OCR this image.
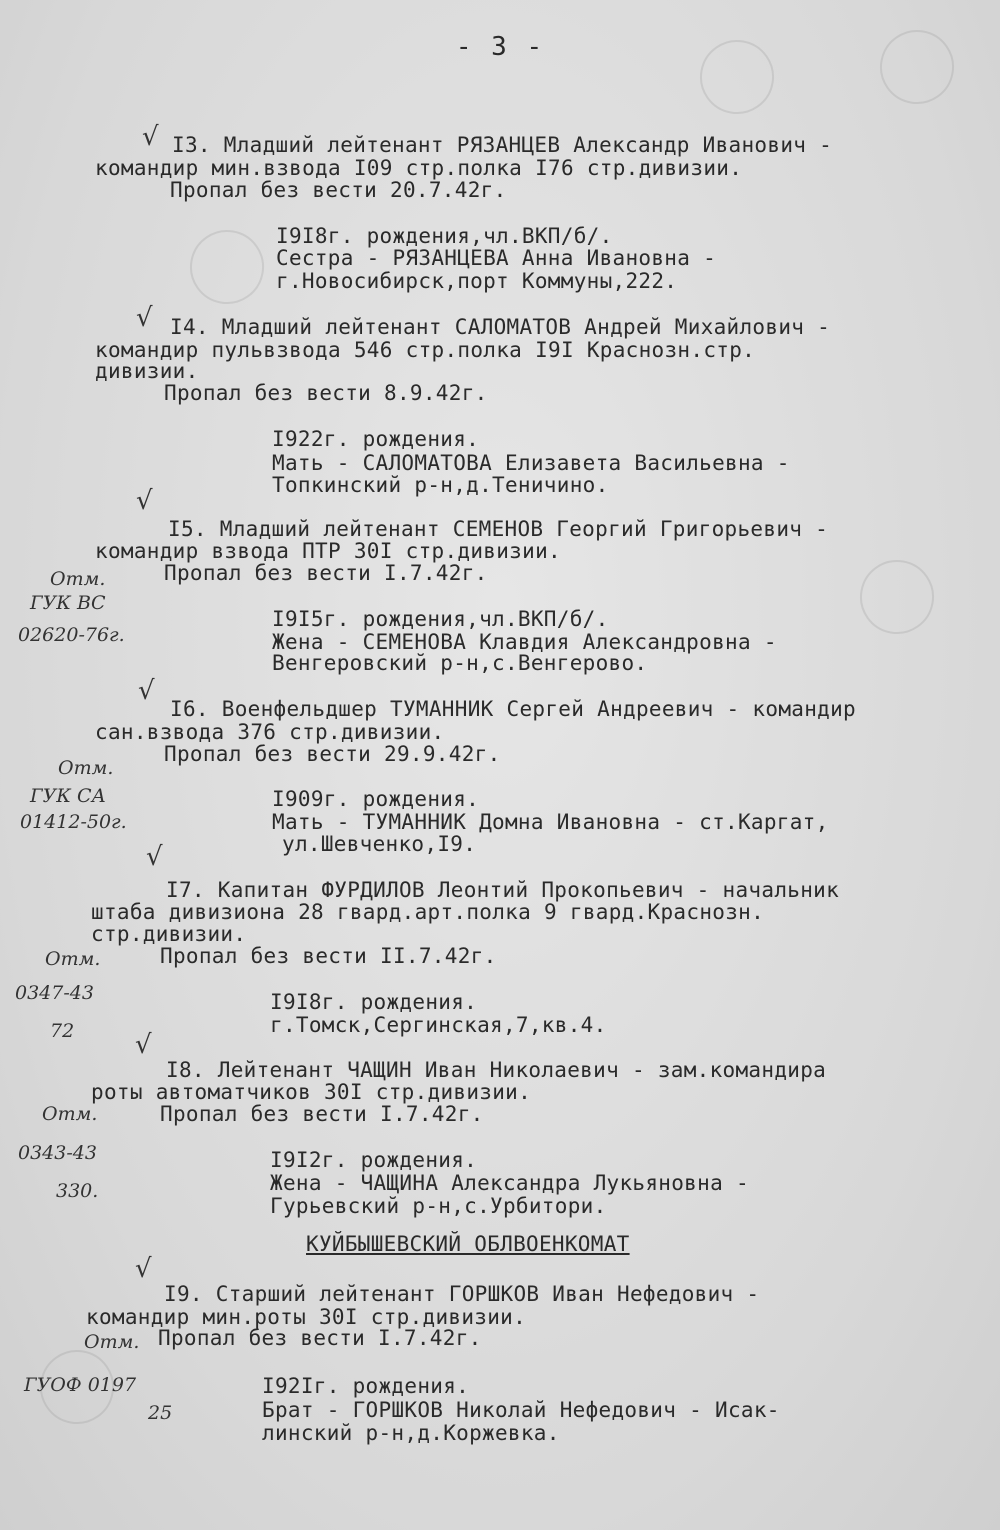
- 3 -
√ I3. Младший лейтенант РЯЗАНЦЕВ Александр Иванович -
командир мин.взвода I09 стр.полка I76 стр.дивизии.
Пропал без вести 20.7.42г.
I9I8г. рождения,чл.ВКП/б/.
Сестра - РЯЗАНЦЕВА Анна Ивановна -
г.Новосибирск,порт Коммуны,222.
√ I4. Младший лейтенант САЛОМАТОВ Андрей Михайлович -
командир пульвзвода 546 стр.полка I9I Краснозн.стр.
дивизии.
Пропал без вести 8.9.42г.
I922г. рождения.
Мать - САЛОМАТОВА Елизавета Васильевна -
Топкинский р-н,д.Теничино.
√
I5. Младший лейтенант СЕМЕНОВ Георгий Григорьевич -
командир взвода ПТР 30I стр.дивизии.
Пропал без вести I.7.42г.
I9I5г. рождения,чл.ВКП/б/.
Жена - СЕМЕНОВА Клавдия Александровна -
Венгеровский р-н,с.Венгерово.
Отм.
ГУК ВС
02620-76г.
√
I6. Военфельдшер ТУМАННИК Сергей Андреевич - командир
сан.взвода 376 стр.дивизии.
Пропал без вести 29.9.42г.
I909г. рождения.
Мать - ТУМАННИК Домна Ивановна - ст.Каргат,
ул.Шевченко,I9.
Отм.
ГУК СА
01412-50г.
√
I7. Капитан ФУРДИЛОВ Леонтий Прокопьевич - начальник
штаба дивизиона 28 гвард.арт.полка 9 гвард.Краснозн.
стр.дивизии.
Пропал без вести II.7.42г.
I9I8г. рождения.
г.Томск,Сергинская,7,кв.4.
Отм.
0347-43
72 √
I8. Лейтенант ЧАЩИН Иван Николаевич - зам.командира
роты автоматчиков 30I стр.дивизии.
Пропал без вести I.7.42г.
I9I2г. рождения.
Жена - ЧАЩИНА Александра Лукьяновна -
Гурьевский р-н,с.Урбитори.
Отм.
0343-43
330.
КУЙБЫШЕВСКИЙ ОБЛВОЕНКОМАТ
√
I9. Старший лейтенант ГОРШКОВ Иван Нефедович -
командир мин.роты 30I стр.дивизии.
Пропал без вести I.7.42г.
I92Iг. рождения.
Брат - ГОРШКОВ Николай Нефедович - Исак-
линский р-н,д.Коржевка.
Отм.
ГУОФ 0197
25
